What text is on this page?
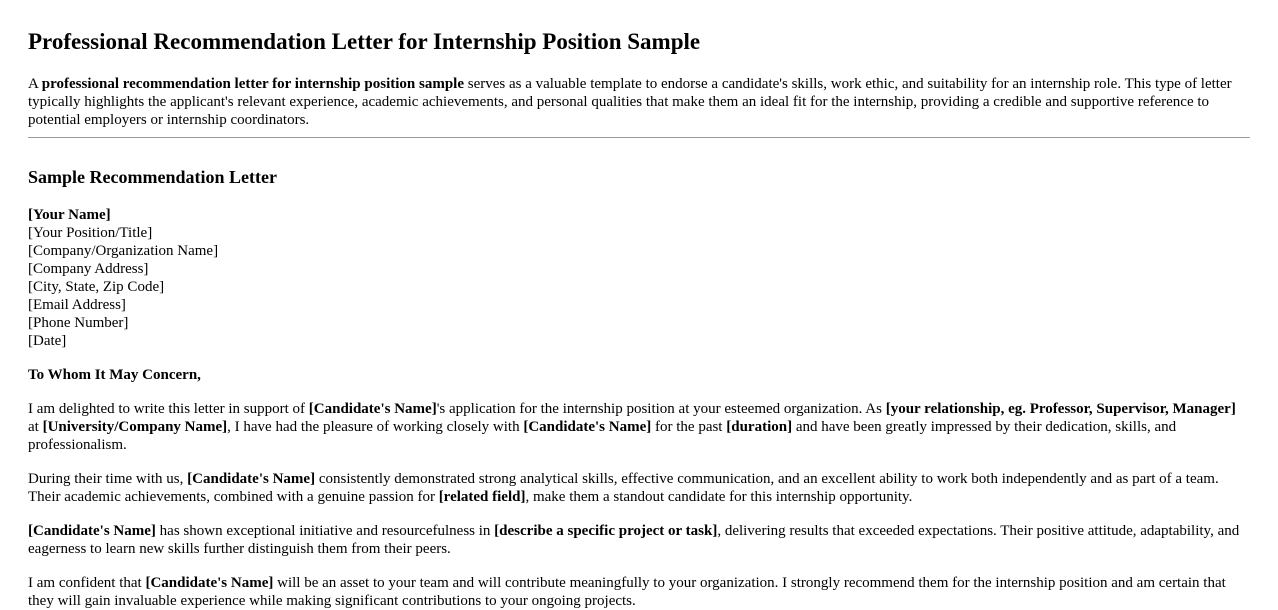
Professional Recommendation Letter for Internship Position Sample

A professional recommendation letter for internship position sample serves as a valuable template to endorse a candidate's skills, work ethic, and suitability for an internship role. This type of letter typically highlights the applicant's relevant experience, academic achievements, and personal qualities that make them an ideal fit for the internship, providing a credible and supportive reference to potential employers or internship coordinators.

Sample Recommendation Letter
[Your Name]
[Your Position/Title]
[Company/Organization Name]
[Company Address]
[City, State, Zip Code]
[Email Address]
[Phone Number]
[Date]

To Whom It May Concern,

I am delighted to write this letter in support of [Candidate's Name]'s application for the internship position at your esteemed organization. As [your relationship, eg. Professor, Supervisor, Manager] at [University/Company Name], I have had the pleasure of working closely with [Candidate's Name] for the past [duration] and have been greatly impressed by their dedication, skills, and professionalism.

During their time with us, [Candidate's Name] consistently demonstrated strong analytical skills, effective communication, and an excellent ability to work both independently and as part of a team. Their academic achievements, combined with a genuine passion for [related field], make them a standout candidate for this internship opportunity.

[Candidate's Name] has shown exceptional initiative and resourcefulness in [describe a specific project or task], delivering results that exceeded expectations. Their positive attitude, adaptability, and eagerness to learn new skills further distinguish them from their peers.

I am confident that [Candidate's Name] will be an asset to your team and will contribute meaningfully to your organization. I strongly recommend them for the internship position and am certain that they will gain invaluable experience while making significant contributions to your ongoing projects.
